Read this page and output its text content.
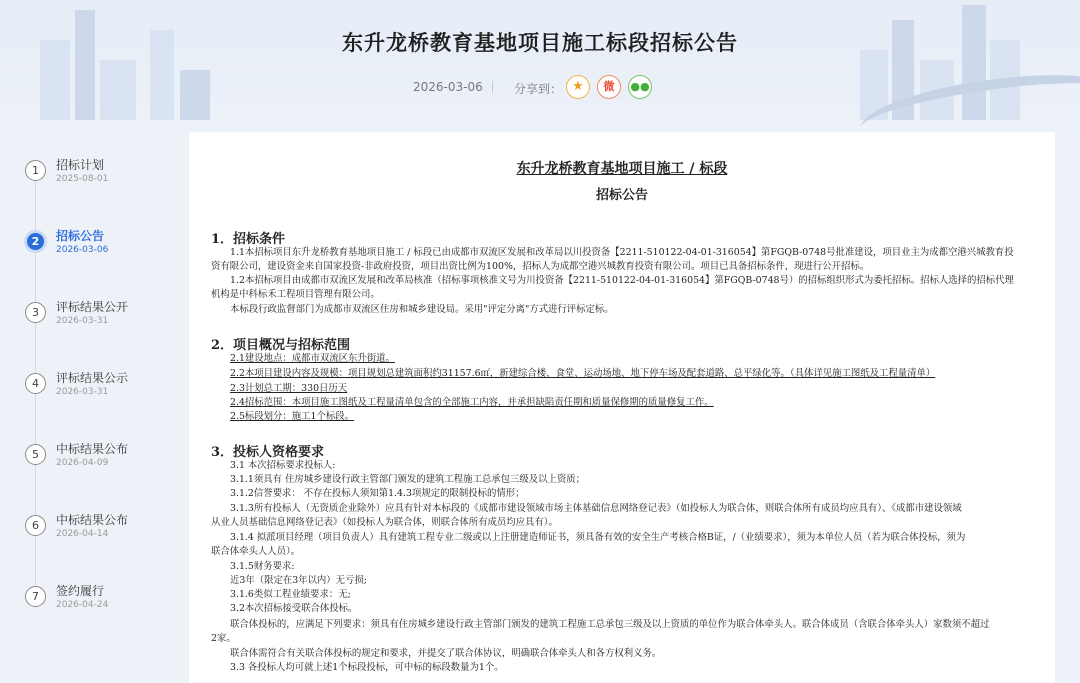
东升龙桥教育基地项目施工标段招标公告
2026-03-06	分享到： ★	微	●●
1	招标计划
2025-08-01
2	招标公告
2026-03-06
3	评标结果公开
2026-03-31
4	评标结果公示
2026-03-31
5	中标结果公布
2026-04-09
6	中标结果公布
2026-04-14
7	签约履行
2026-04-24
东升龙桥教育基地项目施工 / 标段
招标公告
1．招标条件
1.1本招标项目东升龙桥教育基地项目施工 / 标段已由成都市双流区发展和改革局以川投资备【2211-510122-04-01-316054】第FGQB-0748号批准建设，项目业主为成都空港兴城教育投
资有限公司，建设资金来自国家投资-非政府投资，项目出资比例为100%，招标人为成都空港兴城教育投资有限公司。项目已具备招标条件，现进行公开招标。
1.2本招标项目由成都市双流区发展和改革局核准（招标事项核准文号为川投资备【2211-510122-04-01-316054】第FGQB-0748号）的招标组织形式为委托招标。招标人选择的招标代理
机构是中科标禾工程项目管理有限公司。
本标段行政监督部门为成都市双流区住房和城乡建设局。采用"评定分离"方式进行评标定标。
2．项目概况与招标范围
2.1建设地点：成都市双流区东升街道。
2.2本项目建设内容及规模：项目规划总建筑面积约31157.6㎡，新建综合楼、食堂、运动场地、地下停车场及配套道路、总平绿化等。（具体详见施工图纸及工程量清单）
2.3计划总工期：330日历天
2.4招标范围：本项目施工图纸及工程量清单包含的全部施工内容，并承担缺陷责任期和质量保修期的质量修复工作。
2.5标段划分：施工1个标段。
3．投标人资格要求
3.1 本次招标要求投标人:
3.1.1须具有 住房城乡建设行政主管部门颁发的建筑工程施工总承包三级及以上资质；
3.1.2信誉要求： 不存在投标人须知第1.4.3项规定的限制投标的情形；
3.1.3所有投标人（无资质企业除外）应具有针对本标段的《成都市建设领域市场主体基础信息网络登记表》（如投标人为联合体，则联合体所有成员均应具有）、《成都市建设领域
从业人员基础信息网络登记表》（如投标人为联合体，则联合体所有成员均应具有）。
3.1.4 拟派项目经理（项目负责人）具有建筑工程专业二级或以上注册建造师证书，须具备有效的安全生产考核合格B证，/（业绩要求），须为本单位人员（若为联合体投标，须为
联合体牵头人人员）。
3.1.5财务要求:
近3年（限定在3年以内）无亏损;
3.1.6类似工程业绩要求：无;
3.2本次招标接受联合体投标。
联合体投标的，应满足下列要求：须具有住房城乡建设行政主管部门颁发的建筑工程施工总承包三级及以上资质的单位作为联合体牵头人。联合体成员（含联合体牵头人）家数须不超过
2家。
联合体需符合有关联合体投标的规定和要求，并提交了联合体协议，明确联合体牵头人和各方权利义务。
3.3 各投标人均可就上述1个标段投标，可中标的标段数量为1个。
